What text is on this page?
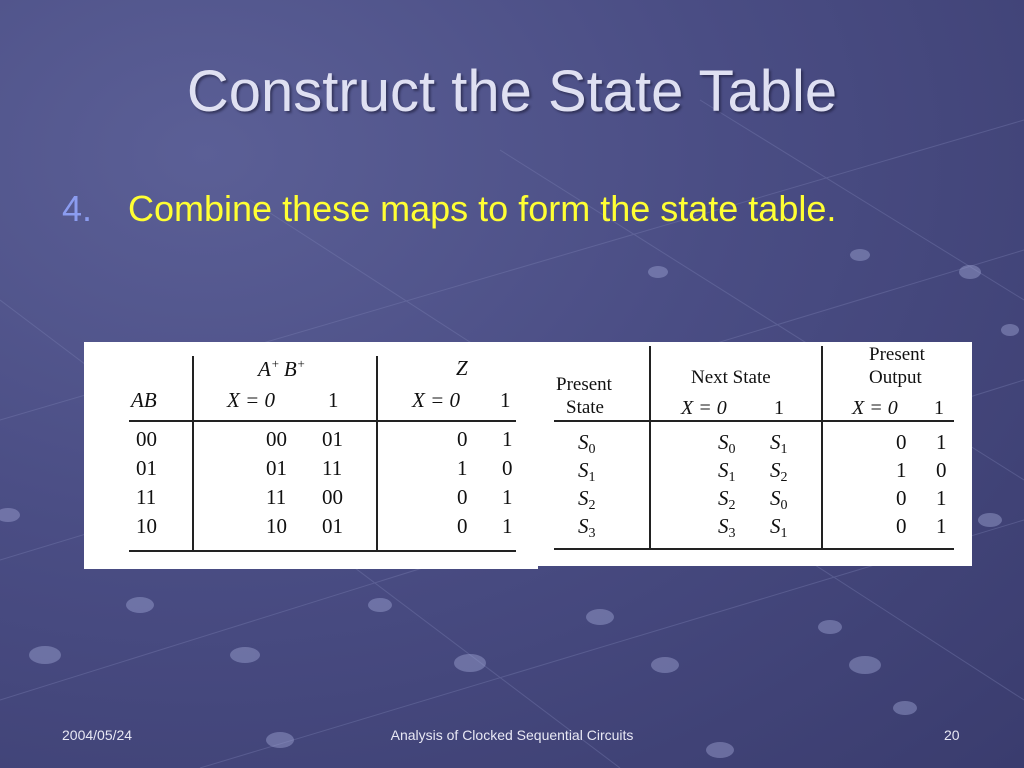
Construct the State Table
4. Combine these maps to form the state table.
A+  B+	Z
AB	X = 0	1	X = 0 1
00	00 01	0 1
01	01 11	1 0
11	11 00	0 1
10	10 01	0 1
Present
State
Next State
Present
Output
X = 0 1	X = 0 1
$S_0$	$S_0$ $S_1$	0 1
$S_1$	$S_1$ $S_2$	1 0
$S_2$	$S_2$ $S_0$	0 1
$S_3$	$S_3$ $S_1$	0 1
2004/05/24	Analysis of Clocked Sequential Circuits	20
